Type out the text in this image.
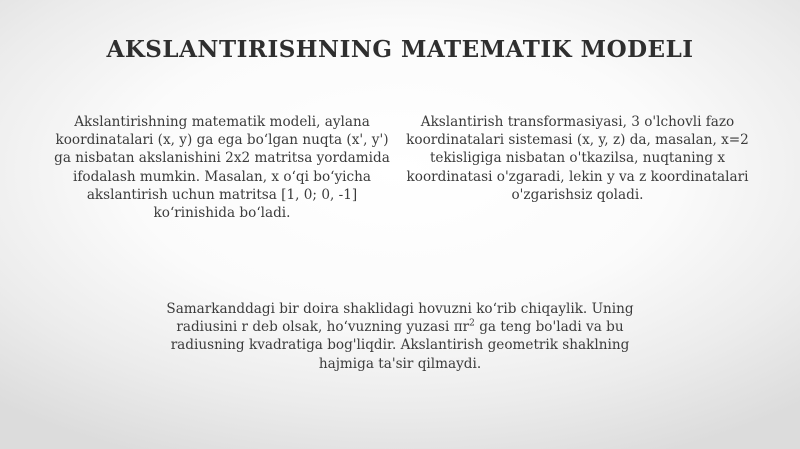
AKSLANTIRISHNING MATEMATIK MODELI

Akslantirishning matematik modeli, aylana koordinatalari (x, y) ga ega bo‘lgan nuqta (x', y') ga nisbatan akslanishini 2x2 matritsa yordamida ifodalash mumkin. Masalan, x o‘qi bo‘yicha akslantirish uchun matritsa [1, 0; 0, -1] ko‘rinishida bo‘ladi.

Akslantirish transformasiyasi, 3 o'lchovli fazo koordinatalari sistemasi (x, y, z) da, masalan, x=2 tekisligiga nisbatan o'tkazilsa, nuqtaning x koordinatasi o'zgaradi, lekin y va z koordinatalari o'zgarishsiz qoladi.

Samarkanddagi bir doira shaklidagi hovuzni ko‘rib chiqaylik. Uning radiusini r deb olsak, ho‘vuzning yuzasi $\pi r^2$ ga teng bo'ladi va bu radiusning kvadratiga bog'liqdir. Akslantirish geometrik shaklning hajmiga ta'sir qilmaydi.
